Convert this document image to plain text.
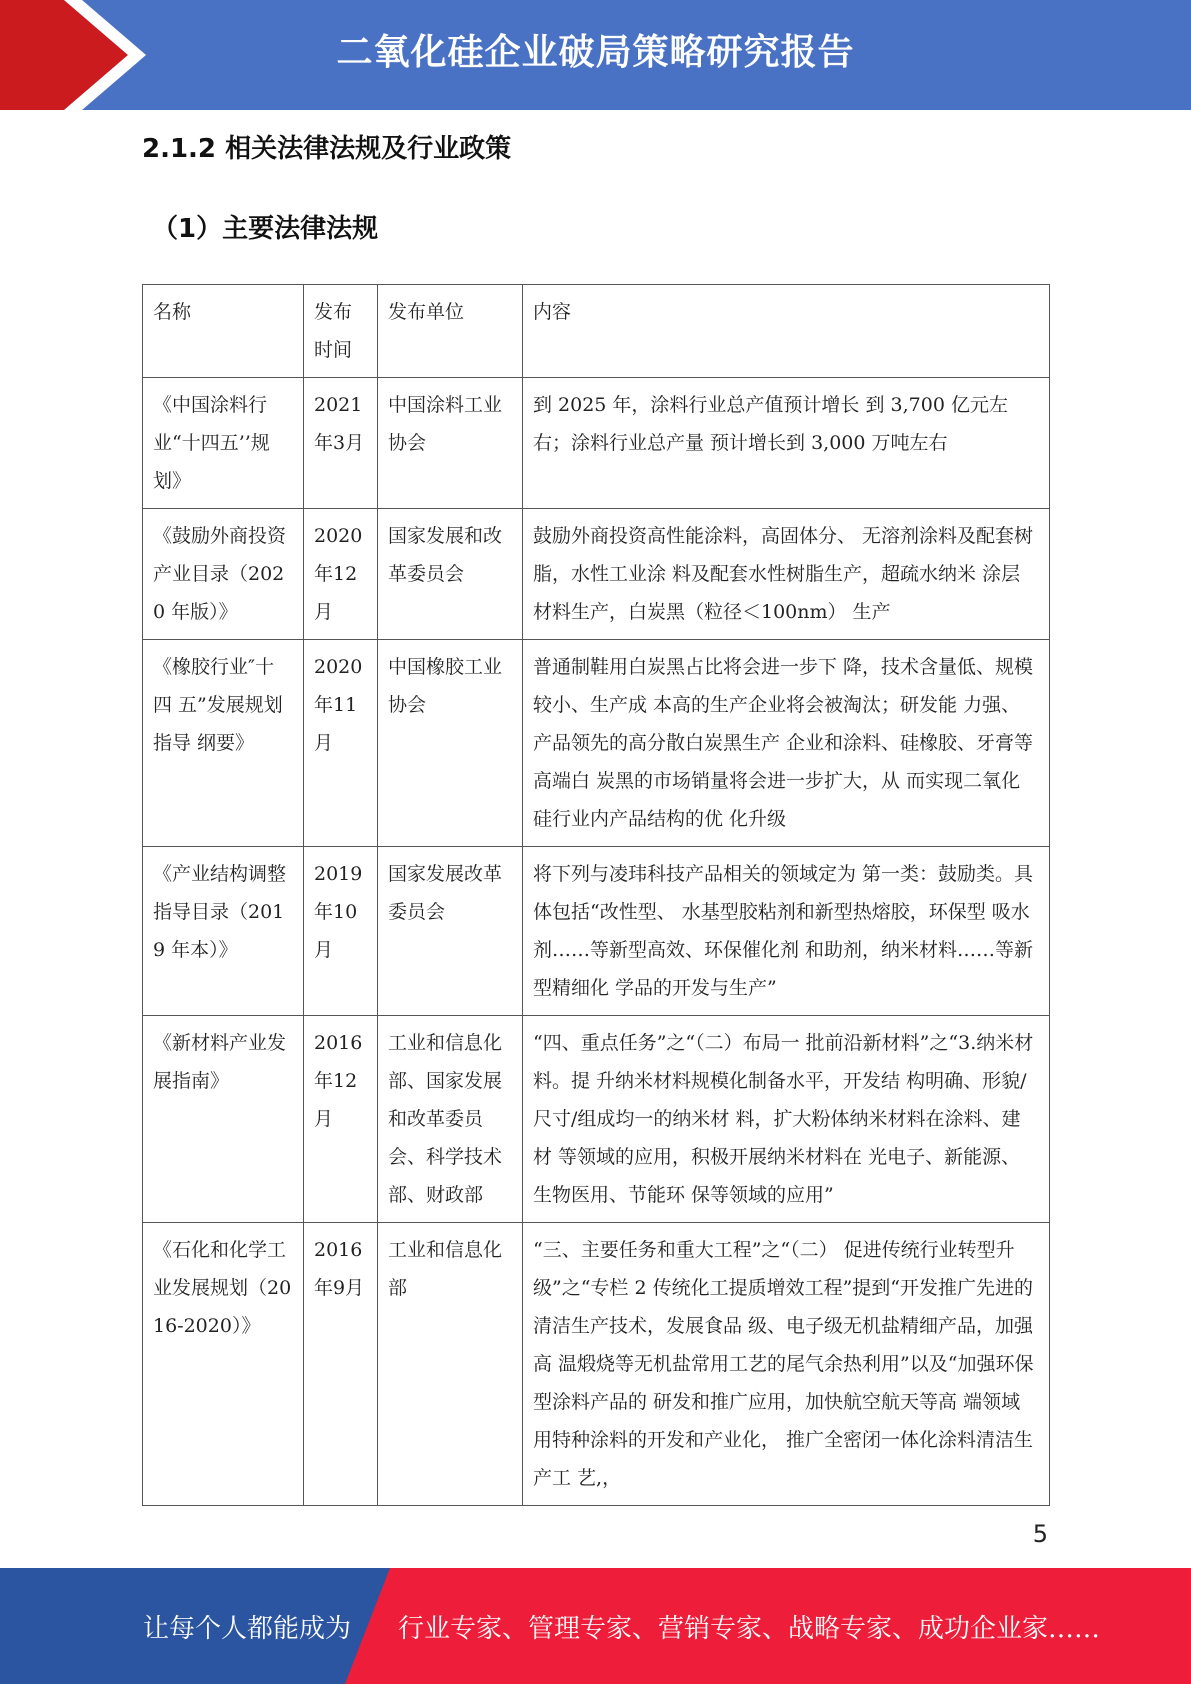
二氧化硅企业破局策略研究报告
2.1.2 相关法律法规及行业政策
（1）主要法律法规
名称	发布时间	发布单位	内容
《中国涂料行业“十四五’’规划》	2021年3月	中国涂料工业 协会	到 2025 年，涂料行业总产值预计增长 到 3,700 亿元左右；涂料行业总产量 预计增长到 3,000 万吨左右
《鼓励外商投资 产业目录（2020 年版）》	2020年12月	国家发展和改 革委员会	鼓励外商投资高性能涂料，高固体分、 无溶剂涂料及配套树脂，水性工业涂 料及配套水性树脂生产，超疏水纳米 涂层材料生产，白炭黑（粒径＜100nm） 生产
《橡胶行业″十四 五”发展规划指导 纲要》	2020年11月	中国橡胶工业 协会	普通制鞋用白炭黑占比将会进一步下 降，技术含量低、规模较小、生产成 本高的生产企业将会被淘汰；研发能 力强、产品领先的高分散白炭黑生产 企业和涂料、硅橡胶、牙膏等高端白 炭黑的市场销量将会进一步扩大，从 而实现二氧化硅行业内产品结构的优 化升级
《产业结构调整 指导目录（2019 年本）》	2019年10月	国家发展改革 委员会	将下列与凌玮科技产品相关的领域定为 第一类：鼓励类。具体包括“改性型、 水基型胶粘剂和新型热熔胶，环保型 吸水剂……等新型高效、环保催化剂 和助剂，纳米材料……等新型精细化 学品的开发与生产”
《新材料产业发 展指南》	2016年12月	工业和信息化 部、国家发展 和改革委员 会、科学技术 部、财政部	“四、重点任务”之“（二）布局一 批前沿新材料”之“3.纳米材料。提 升纳米材料规模化制备水平，开发结 构明确、形貌/尺寸/组成均一的纳米材 料，扩大粉体纳米材料在涂料、建材 等领域的应用，积极开展纳米材料在 光电子、新能源、生物医用、节能环 保等领域的应用”
《石化和化学工 业发展规划（2016-2020）》	2016年9月	工业和信息化 部	“三、主要任务和重大工程”之“（二） 促进传统行业转型升级”之“专栏 2 传统化工提质增效工程”提到“开发推广先进的清洁生产技术，发展食品 级、电子级无机盐精细产品，加强高 温煅烧等无机盐常用工艺的尾气余热利用”以及“加强环保型涂料产品的 研发和推广应用，加快航空航天等高 端领域用特种涂料的开发和产业化， 推广全密闭一体化涂料清洁生产工 艺,，
5
让每个人都能成为 行业专家、管理专家、营销专家、战略专家、成功企业家……
